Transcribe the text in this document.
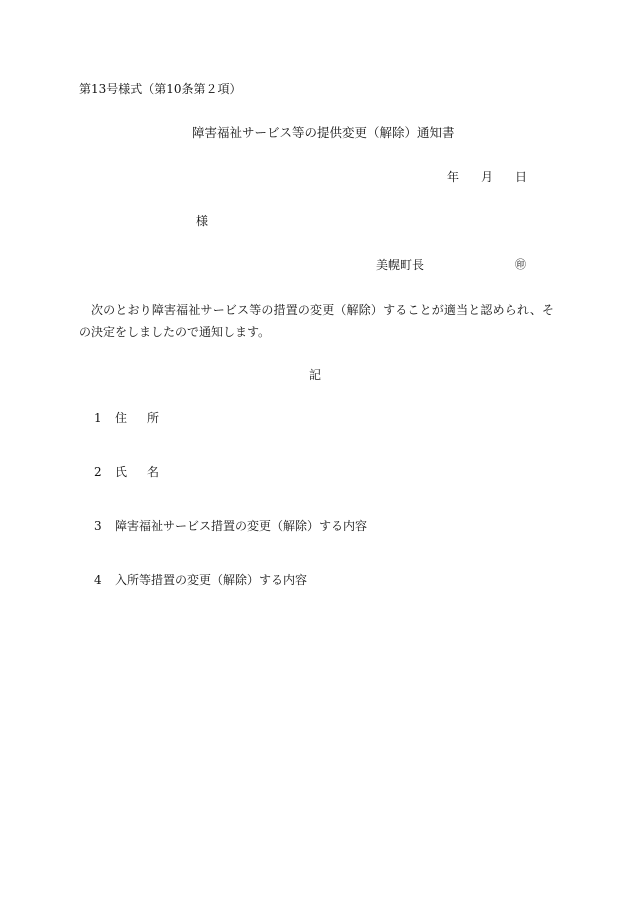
第13号様式（第10条第２項）
障害福祉サービス等の提供変更（解除）通知書
年 月 日
様
美幌町長	㊞
次のとおり障害福祉サービス等の措置の変更（解除）することが適当と認められ、その決定をしましたので通知します。
記
1 住 所
2 氏 名
3 障害福祉サービス措置の変更（解除）する内容
4 入所等措置の変更（解除）する内容
